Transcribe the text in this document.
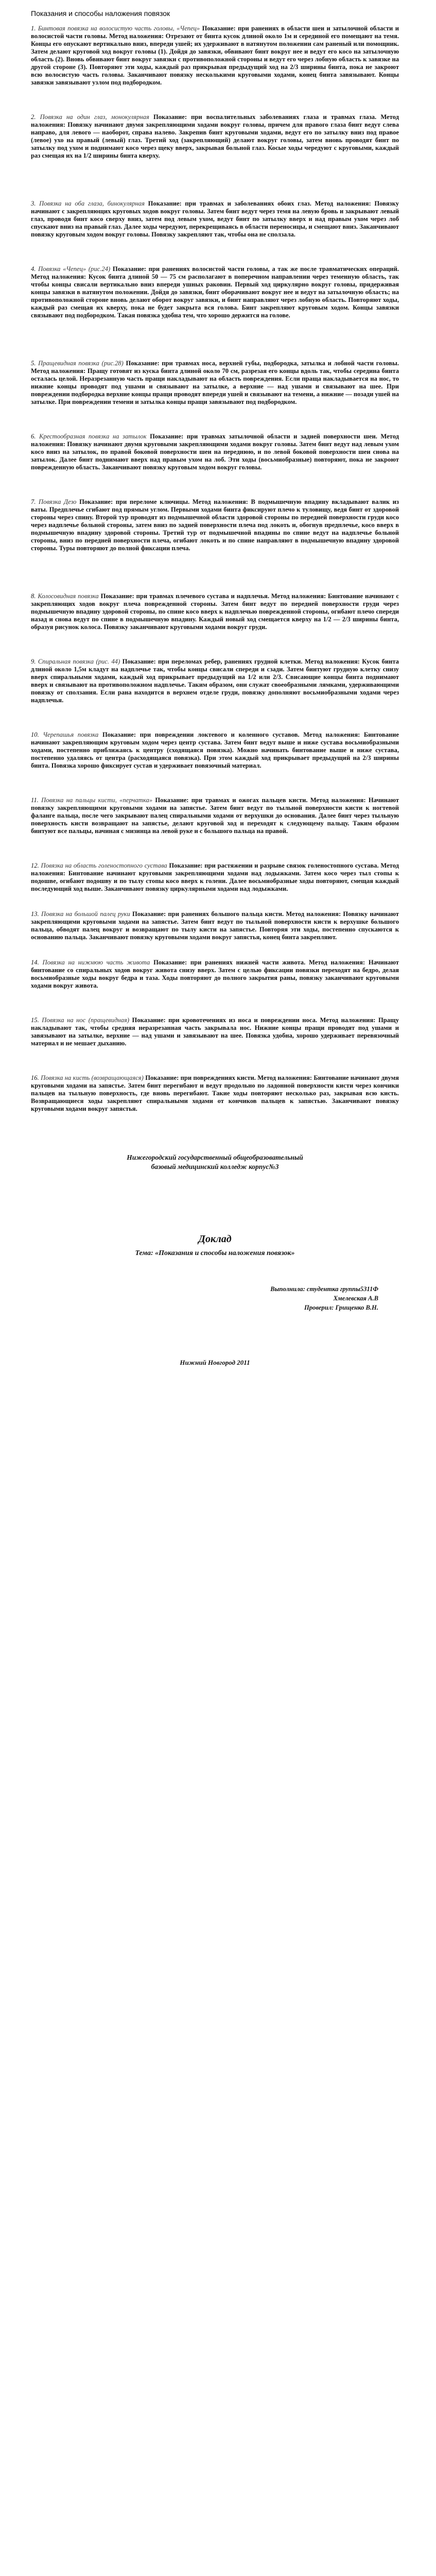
Показания и способы наложения повязок

1. Бинтовая повязка на волосистую часть головы, «Чепец» Показание: при ранениях в области шеи и затылочной области и волосистой части головы. Метод наложения: Отрезают от бинта кусок длиной около 1м и серединой его помещают на темя. Концы его опускают вертикально вниз, впереди ушей; их удерживают в натянутом положении сам раненый или помощник. Затем делают круговой ход вокруг головы (1). Дойдя до завязки, обвивают бинт вокруг нее и ведут его косо на затылочную область (2). Вновь обвивают бинт вокруг завязки с противоположной стороны и ведут его через лобную область к завязке на другой стороне (3). Повторяют эти ходы, каждый раз прикрывая предыдущий ход на 2/3 ширины бинта, пока не закроют всю волосистую часть головы. Заканчивают повязку несколькими круговыми ходами, конец бинта завязывают. Концы завязки завязывают узлом под подбородком.

2. Повязка на один глаз, монокулярная Показание: при воспалительных заболеваниях глаза и травмах глаза. Метод наложения: Повязку начинают двумя закрепляющими ходами вокруг головы, причем для правого глаза бинт ведут слева направо, для левого — наоборот, справа налево. Закрепив бинт круговыми ходами, ведут его по затылку вниз под правое (левое) ухо на правый (левый) глаз. Третий ход (закрепляющий) делают вокруг головы, затем вновь проводят бинт по затылку под ухом и поднимают косо через щеку вверх, закрывая больной глаз. Косые ходы чередуют с круговыми, каждый раз смещая их на 1/2 ширины бинта кверху.

3. Повязка на оба глаза, бинокулярная Показание: при травмах и заболеваниях обоих глаз. Метод наложения: Повязку начинают с закрепляющих круговых ходов вокруг головы. Затем бинт ведут через темя на левую бровь и закрывают левый глаз, проводя бинт косо сверху вниз, затем под левым ухом, ведут бинт по затылку вверх и над правым ухом через лоб спускают вниз на правый глаз. Далее ходы чередуют, перекрещиваясь в области переносицы, и смещают вниз. Заканчивают повязку круговым ходом вокруг головы. Повязку закрепляют так, чтобы она не сползала.

4. Повязка «Чепец» (рис.24) Показание: при ранениях волосистой части головы, а так же после травматических операций. Метод наложения: Кусок бинта длиной 50 — 75 см располагают в поперечном направлении через теменную область, так чтобы концы свисали вертикально вниз впереди ушных раковин. Первый ход циркулярно вокруг головы, придерживая концы завязки в натянутом положении. Дойдя до завязки, бинт оборачивают вокруг нее и ведут на затылочную область; на противоположной стороне вновь делают оборот вокруг завязки, и бинт направляют через лобную область. Повторяют ходы, каждый раз смещая их кверху, пока не будет закрыта вся голова. Бинт закрепляют круговым ходом. Концы завязки связывают под подбородком. Такая повязка удобна тем, что хорошо держится на голове.

5. Пращевидная повязка (рис.28) Показание: при травмах носа, верхней губы, подбородка, затылка и лобной части головы. Метод наложения: Пращу готовят из куска бинта длиной около 70 см, разрезая его концы вдоль так, чтобы середина бинта осталась целой. Неразрезанную часть пращи накладывают на область повреждения. Если праща накладывается на нос, то нижние концы проводят под ушами и связывают на затылке, а верхние — над ушами и связывают на шее. При повреждении подбородка верхние концы пращи проводят впереди ушей и связывают на темени, а нижние — позади ушей на затылке. При повреждении темени и затылка концы пращи завязывают под подбородком.

6. Крестообразная повязка на затылок Показание: при травмах затылочной области и задней поверхности шеи. Метод наложения: Повязку начинают двумя круговыми закрепляющими ходами вокруг головы. Затем бинт ведут над левым ухом косо вниз на затылок, по правой боковой поверхности шеи на переднюю, и по левой боковой поверхности шеи снова на затылок. Далее бинт поднимают вверх над правым ухом на лоб. Эти ходы (восьмиобразные) повторяют, пока не закроют поврежденную область. Заканчивают повязку круговым ходом вокруг головы.

7. Повязка Дезо Показание: при переломе ключицы. Метод наложения: В подмышечную впадину вкладывают валик из ваты. Предплечье сгибают под прямым углом. Первыми ходами бинта фиксируют плечо к туловищу, ведя бинт от здоровой стороны через спину. Второй тур проводят из подмышечной области здоровой стороны по передней поверхности груди косо через надплечье больной стороны, затем вниз по задней поверхности плеча под локоть и, обогнув предплечье, косо вверх в подмышечную впадину здоровой стороны. Третий тур от подмышечной впадины по спине ведут на надплечье больной стороны, вниз по передней поверхности плеча, огибают локоть и по спине направляют в подмышечную впадину здоровой стороны. Туры повторяют до полной фиксации плеча.

8. Колосовидная повязка Показание: при травмах плечевого сустава и надплечья. Метод наложения: Бинтование начинают с закрепляющих ходов вокруг плеча поврежденной стороны. Затем бинт ведут по передней поверхности груди через подмышечную впадину здоровой стороны, по спине косо вверх к надплечью поврежденной стороны, огибают плечо спереди назад и снова ведут по спине в подмышечную впадину. Каждый новый ход смещается кверху на 1/2 — 2/3 ширины бинта, образуя рисунок колоса. Повязку заканчивают круговыми ходами вокруг груди.

9. Спиральная повязка (рис. 44) Показание: при переломах ребер, ранениях грудной клетки. Метод наложения: Кусок бинта длиной около 1,5м кладут на надплечье так, чтобы концы свисали спереди и сзади. Затем бинтуют грудную клетку снизу вверх спиральными ходами, каждый ход прикрывает предыдущий на 1/2 или 2/3. Свисающие концы бинта поднимают вверх и связывают на противоположном надплечье. Таким образом, они служат своеобразными лямками, удерживающими повязку от сползания. Если рана находится в верхнем отделе груди, повязку дополняют восьмиобразными ходами через надплечья.

10. Черепашья повязка Показание: при повреждении локтевого и коленного суставов. Метод наложения: Бинтование начинают закрепляющим круговым ходом через центр сустава. Затем бинт ведут выше и ниже сустава восьмиобразными ходами, постепенно приближаясь к центру (сходящаяся повязка). Можно начинать бинтование выше и ниже сустава, постепенно удаляясь от центра (расходящаяся повязка). При этом каждый ход прикрывает предыдущий на 2/3 ширины бинта. Повязка хорошо фиксирует сустав и удерживает повязочный материал.

11. Повязка на пальцы кисти, «перчатка» Показание: при травмах и ожогах пальцев кисти. Метод наложения: Начинают повязку закрепляющими круговыми ходами на запястье. Затем бинт ведут по тыльной поверхности кисти к ногтевой фаланге пальца, после чего закрывают палец спиральными ходами от верхушки до основания. Далее бинт через тыльную поверхность кисти возвращают на запястье, делают круговой ход и переходят к следующему пальцу. Таким образом бинтуют все пальцы, начиная с мизинца на левой руке и с большого пальца на правой.

12. Повязка на область голеностопного сустава Показание: при растяжении и разрыве связок голеностопного сустава. Метод наложения: Бинтование начинают круговыми закрепляющими ходами над лодыжками. Затем косо через тыл стопы к подошве, огибают подошву и по тылу стопы косо вверх к голени. Далее восьмиобразные ходы повторяют, смещая каждый последующий ход выше. Заканчивают повязку циркулярными ходами над лодыжками.

13. Повязка на большой палец руки Показание: при ранениях большого пальца кисти. Метод наложения: Повязку начинают закрепляющими круговыми ходами на запястье. Затем бинт ведут по тыльной поверхности кисти к верхушке большого пальца, обводят палец вокруг и возвращают по тылу кисти на запястье. Повторяя эти ходы, постепенно спускаются к основанию пальца. Заканчивают повязку круговыми ходами вокруг запястья, конец бинта закрепляют.

14. Повязка на нижнюю часть живота Показание: при ранениях нижней части живота. Метод наложения: Начинают бинтование со спиральных ходов вокруг живота снизу вверх. Затем с целью фиксации повязки переходят на бедро, делая восьмиобразные ходы вокруг бедра и таза. Ходы повторяют до полного закрытия раны, повязку заканчивают круговыми ходами вокруг живота.

15. Повязка на нос (пращевидная) Показание: при кровотечениях из носа и повреждении носа. Метод наложения: Пращу накладывают так, чтобы средняя неразрезанная часть закрывала нос. Нижние концы пращи проводят под ушами и завязывают на затылке, верхние — над ушами и завязывают на шее. Повязка удобна, хорошо удерживает перевязочный материал и не мешает дыханию.

16. Повязка на кисть (возвращающаяся) Показание: при повреждениях кисти. Метод наложения: Бинтование начинают двумя круговыми ходами на запястье. Затем бинт перегибают и ведут продольно по ладонной поверхности кисти через кончики пальцев на тыльную поверхность, где вновь перегибают. Такие ходы повторяют несколько раз, закрывая всю кисть. Возвращающиеся ходы закрепляют спиральными ходами от кончиков пальцев к запястью. Заканчивают повязку круговыми ходами вокруг запястья.

Нижегородский государственный общеобразовательный

базовый медицинский колледж корпус№3

Доклад
Тема: «Показания и способы наложения повязок»
Выполнила: студентка группы5311Ф
Хмелевская А.В
Проверил: Грищенко В.Н.
Нижний Новгород 2011
